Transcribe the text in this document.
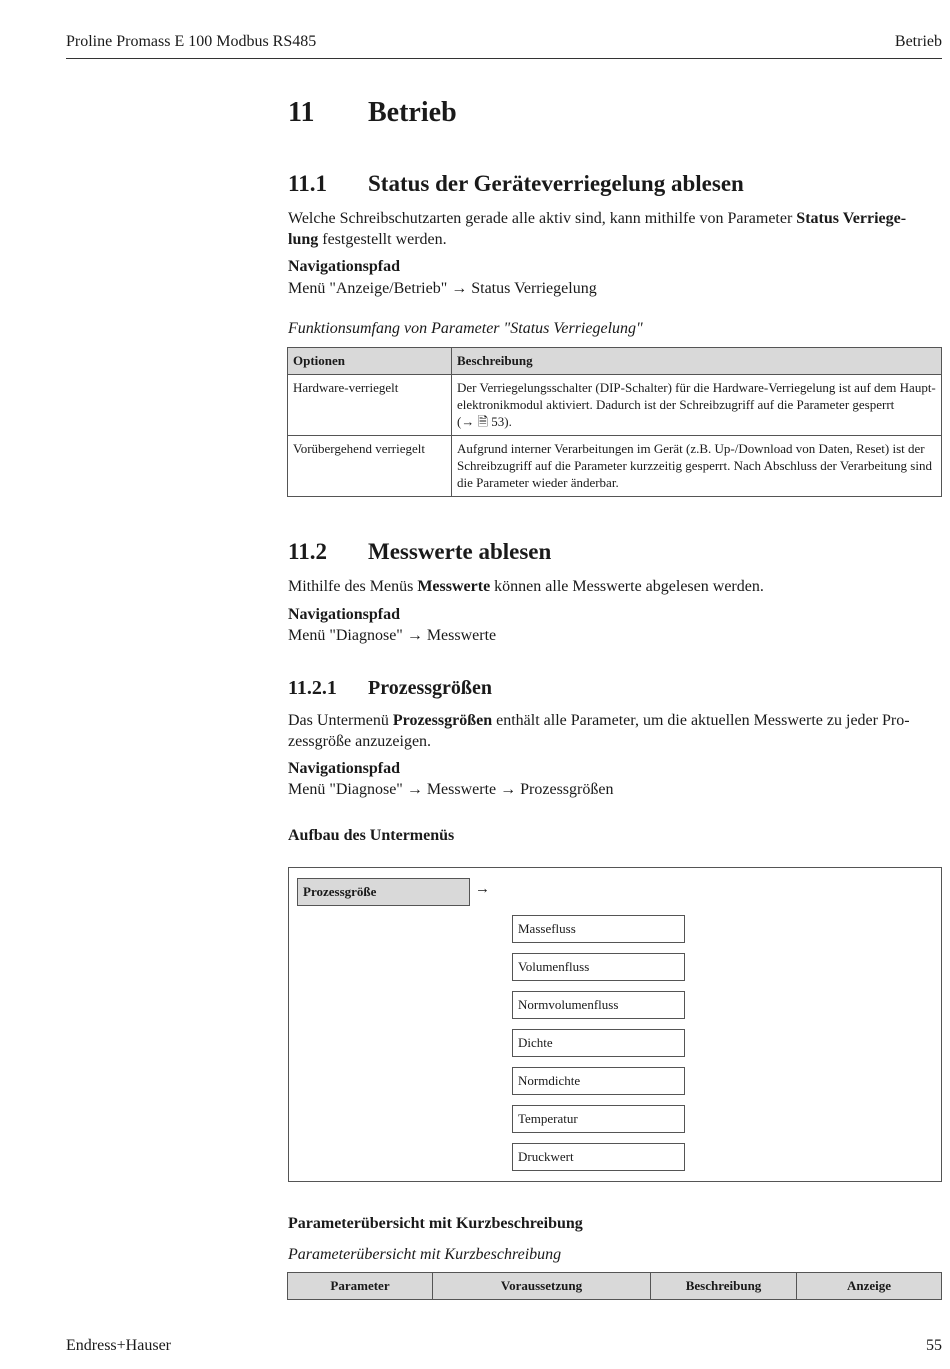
Proline Promass E 100 Modbus RS485	Betrieb
11 Betrieb
11.1 Status der Geräteverriegelung ablesen
Welche Schreibschutzarten gerade alle aktiv sind, kann mithilfe von Parameter Status Verriege-
lung festgestellt werden.
Navigationspfad
Menü "Anzeige/Betrieb" → Status Verriegelung
Funktionsumfang von Parameter "Status Verriegelung"
Optionen	Beschreibung
Hardware-verriegelt	Der Verriegelungsschalter (DIP-Schalter) für die Hardware-Verriegelung ist auf dem Haupt-
elektronikmodul aktiviert. Dadurch ist der Schreibzugriff auf die Parameter gesperrt
(→ 🗎 53).
Vorübergehend verriegelt	Aufgrund interner Verarbeitungen im Gerät (z.B. Up-/Download von Daten, Reset) ist der
Schreibzugriff auf die Parameter kurzzeitig gesperrt. Nach Abschluss der Verarbeitung sind
die Parameter wieder änderbar.
11.2 Messwerte ablesen
Mithilfe des Menüs Messwerte können alle Messwerte abgelesen werden.
Navigationspfad
Menü "Diagnose" → Messwerte
11.2.1 Prozessgrößen
Das Untermenü Prozessgrößen enthält alle Parameter, um die aktuellen Messwerte zu jeder Pro-
zessgröße anzuzeigen.
Navigationspfad
Menü "Diagnose" → Messwerte → Prozessgrößen
Aufbau des Untermenüs
Prozessgröße	→
Massefluss
Volumenfluss
Normvolumenfluss
Dichte
Normdichte
Temperatur
Druckwert
Parameterübersicht mit Kurzbeschreibung
Parameterübersicht mit Kurzbeschreibung
Parameter	Voraussetzung	Beschreibung	Anzeige
Endress+Hauser	55
